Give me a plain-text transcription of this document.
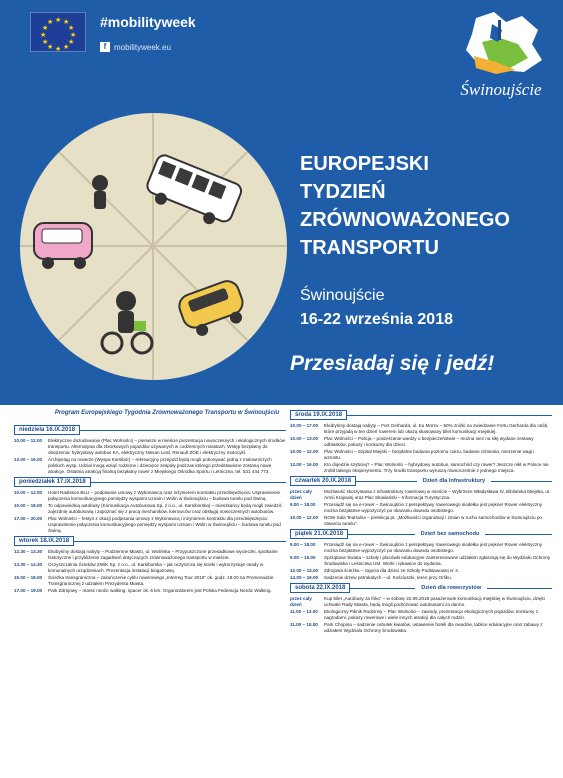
★ ★
★
★
★
★
★
★
★
★
★
★	#mobilityweek
f mobilityweek.eu
Świnoujście
EUROPEJSKI
TYDZIEŃ
ZRÓWNOWAŻONEGO
TRANSPORTU
Świnoujście
16-22 września 2018
Przesiadaj się i jedź!
Program Europejskiego Tygodnia Zrównoważonego Transportu w Świnoujściu
niedziela 16.IX.2018
10.00 – 12.00	Elektryczne dożodowanie (Plac Wolności) – pierwsze w mieście prezentacja nowoczesnych i ekologicznych środków transportu. Alternatywa dla zbiorkowych pojazdów używanych w codziennych miastach. Wstęp bezpłatny do obejrzenia: hybrydowy autobus KA, elektryczny Nissan Leaf, Renault ZOE i elektryczny motocykl.
13.00 – 16.00	Archipelag na rowerze (Wyspa Karsibór) – rekreacyjny przejazd będą mogli pokonywać jedną z malowniczych polskich wysp. Udział mogą wziąć rodzinne i dziecięce zespoły podczas którego przedstawione zostaną nowe atrakcje. Ostatnia atrakcją finalną bezpłatny rower z Miejskiego Ośrodka Sportu i Letniczna, tel. 531 444 773.
poniedziałek 17.IX.2018
10.00 – 12.00	Hotel Radisson BLU – podpisanie umowy z Wykonawcą oraz inżynierem kontraktu przedsięwzięcia: Usprawnienie połączenia komunikacyjnego pomiędzy wyspami Uznam i Wolin w Świnoujściu – budowa tunelu pod Świną.
10.00 – 18.00	To odpowiednią autobusy (Komunikacja Autobusowa Sp. z o.o., ul. Karsiborska) – mieszkańcy będą mogli zwiedzić zajezdnię autobusową i zapoznać się z pracą mechaników, kierowców oraz obsługą nowoczesnych autobusów.
17.00 – 20.00	Plac Wolności – festyn z okazji podpisania umowy z Wykonawcą i inżynierem kontraktu dla przedsięwzięcia: Usprawnienie połączenia komunikacyjnego pomiędzy wyspami Uznam i Wolin w Świnoujściu – budowa tunelu pod Świną.
wtorek 18.IX.2018
12.30 – 13.30	Ekobyśmy dostają nabyty – Podziemne Miasto, ul. Wolińska – Przypuszczone przesadkowe wycieczki, spotkanie historyczne i przybliżenie zagadnień dotyczących zrównoważonego transportu w mieście.
13.30 – 14.30	Oczyszczalnia Ścieków ZWiK Sp. z o.o., ul. Karsiborska – jak oczyszcza się ścieki i wykorzystuje osady w komunalnych urządzeniach. Prezentacja instalacji biogazowej.
15.00 – 18.00	Ścieżka transgraniczna – zakończenie cyklu rowerowego „Interreg Tour 2018” ok. godz. 18.00 na Promenadzie Transgranicznej z udziałem Prezydenta Miasta.
17.00 – 19.00	Park Zdrojowy – marsz nordic walking, spacer ok. 5 km. Organizatorem jest Polska Federacja Nordic Walking.
środa 19.IX.2018
10.00 – 17.00	Ekobyśmy dostają nabyty – Fort Gerharda, ul. Ku Morzu – 50% zniżki na zwiedzanie Fortu Gerharda dla osób, które przyjadą w ten dzień rowerem lub okażą skasowany bilet komunikacji miejskiej.
10.00 – 13.00	Plac Wolności – Policja – poszerzanie wiedzy o bezpieczeństwie – można nieć na siłę wydane zestawy odblasków, pokazy i konkursy dla dzieci.
10.00 – 12.00	Plac Wolności – Szpital Miejski – bezpłatne badania poziomu cukru, badanie ciśnienia, mierzenie wagi i wzrostu.
13.00 – 16.00	Kto dojedzie szybciej? – Plac Wolności – hybrydowy autobus, samochód czy rower? Jeszcze nikt w Polsce nie zrobił takiego eksperymentu. Trzy środki transportu wyruszą równocześnie z jednego miejsca.
czwartek 20.IX.2018	Dzień dla Infrastruktury
przez cały dzień
Możliwość skorzystania z infrastruktury rowerowej w mieście – Wybrzeże Władysława IV, Biblioteka Miejska, ul. Armii Krajowej oraz Plac Słowiański – Informacja Turystyczna.
9.00 – 18.00	Przesiądź się na e-rower – Świnoujście z perspektywy rowerowego siodełka jest piękne! Rower elektryczny można bezpłatnie wypożyczyć po okazaniu dowodu osobistego.
10.00 – 12.00	NOW Sala Teatralna – prelekcja pt. „Możliwości organizacji i zmian w ruchu samochodów w Świnoujściu po otwarciu tunelu”.
piątek 21.IX.2018	Dzień bez samochodu
9.00 – 18.00	Przesiądź się na e-rower – Świnoujście z perspektywy rowerowego siodełka jest piękne! Rower elektryczny można bezpłatnie wypożyczyć po okazaniu dowodu osobistego.
9.00 – 15.00	Sprzątanie Świata – szkoły i placówki edukacyjne zainteresowane udziałem zgłaszają się do Wydziału Ochrony Środowiska i Leśnictwa UM. Worki i rękawice do wydania.
12.00 – 14.00	Zdrojowa ścieżka – zajęcia dla dzieci ze Szkoły Podstawowej nr 4.
14.00 – 16.00	Sadzenie drzew pstrokatych – ul. Kościuszki, teren przy Orliku.
sobota 22.IX.2018	Dzień dla rowerzystów
przez cały dzień
Kup bilet „Autobusy za friko” – w sobotę 22.09.2018 pasażerowie komunikacji miejskiej w Świnoujściu, dzięki uchwale Rady Miasta, będą mogli podróżować autobusami za darmo.
11.00 – 13.00	Ekologiczny Piknik Rodzinny – Plac Wolności – zawody, prezentacja ekologicznych pojazdów, konkursy z nagrodami, pokazy rowerowe i wiele innych atrakcji dla całych rodzin.
11.00 – 15.00	Park Chopina – sadzenie cebulek kwiatów, ustawienie hoteli dla owadów, tablice edukacyjne oraz zabawy z udziałem Wydziału Ochrony Środowiska.
